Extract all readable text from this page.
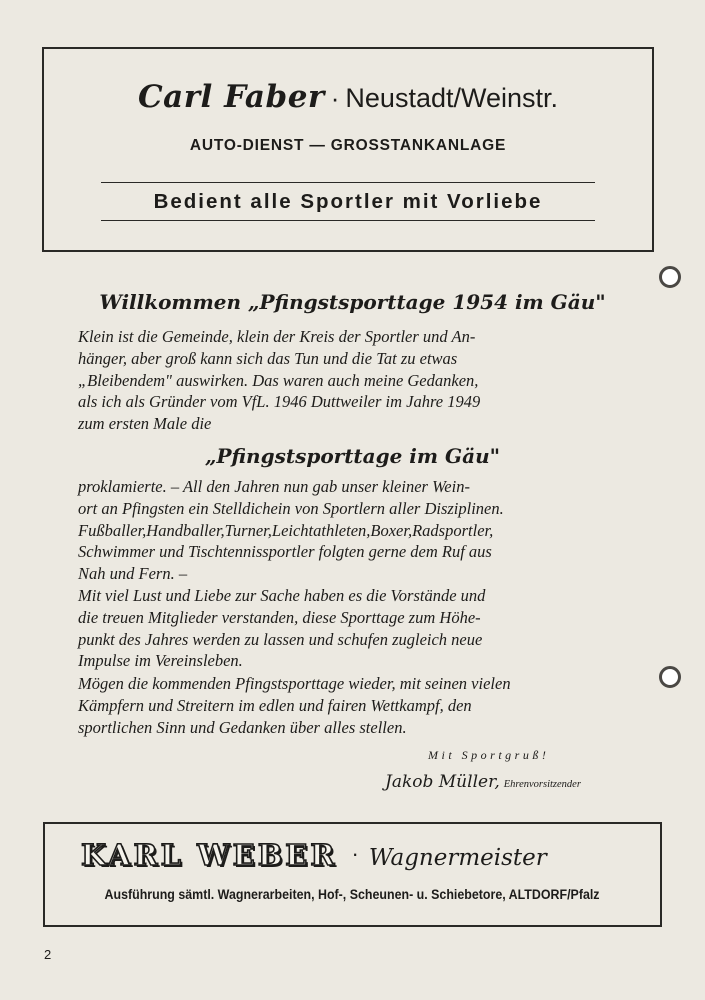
Carl Faber · Neustadt/Weinstr.
AUTO-DIENST — GROSSTANKANLAGE
Bedient alle Sportler mit Vorliebe
Willkommen „Pfingstsporttage 1954 im Gäu"
Klein ist die Gemeinde, klein der Kreis der Sportler und An-
hänger, aber groß kann sich das Tun und die Tat zu etwas
„Bleibendem" auswirken. Das waren auch meine Gedanken,
als ich als Gründer vom VfL. 1946 Duttweiler im Jahre 1949
zum ersten Male die
„Pfingstsporttage im Gäu"
proklamierte. – All den Jahren nun gab unser kleiner Wein-
ort an Pfingsten ein Stelldichein von Sportlern aller Disziplinen.
Fußballer,Handballer,Turner,Leichtathleten,Boxer,Radsportler,
Schwimmer und Tischtennissportler folgten gerne dem Ruf aus
Nah und Fern. –
Mit viel Lust und Liebe zur Sache haben es die Vorstände und
die treuen Mitglieder verstanden, diese Sporttage zum Höhe-
punkt des Jahres werden zu lassen und schufen zugleich neue
Impulse im Vereinsleben.
Mögen die kommenden Pfingstsporttage wieder, mit seinen vielen
Kämpfern und Streitern im edlen und fairen Wettkampf, den
sportlichen Sinn und Gedanken über alles stellen.
Mit Sportgruß!
Jakob Müller, Ehrenvorsitzender
KARL WEBER · Wagnermeister
Ausführung sämtl. Wagnerarbeiten, Hof-, Scheunen- u. Schiebetore, ALTDORF/Pfalz
2
